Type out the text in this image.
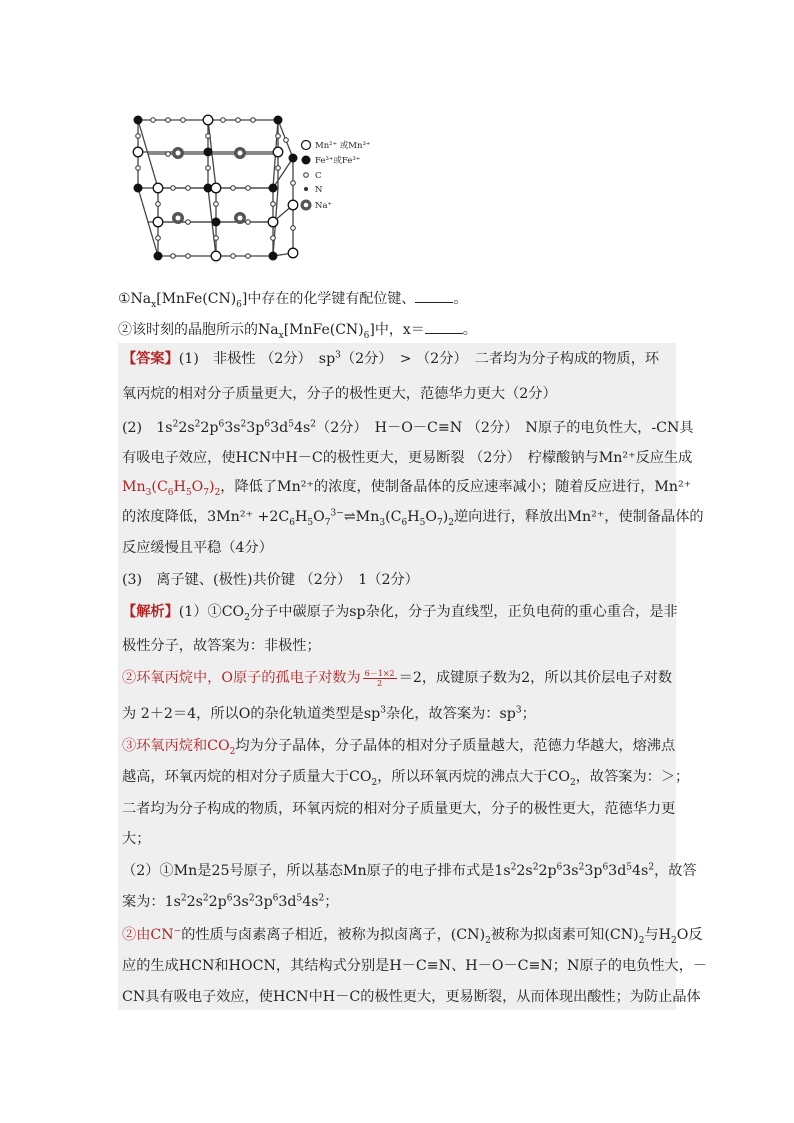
Mn²⁺ 或Mn³⁺
Fe³⁺或Fe³⁺
C
N
Na⁺
$①Na_x[MnFe(CN)_6]$中存在的化学键有配位键、	。
②该时刻的晶胞所示的$Na_x[MnFe(CN)_6]$中，x＝	。
【答案】(1)　非极性 （2分）　$sp^3(2$分）　> （2分）　二者均为分子构成的物质，环
氧丙烷的相对分子质量更大，分子的极性更大，范德华力更大（2分）
(2)　$1s^22s^22p^63s^23p^63d^54s^2(2$分）　H－O－C≡N （2分）　N原子的电负性大，-CN具
有吸电子效应，使HCN中H－C的极性更大，更易断裂 （2分）　柠檬酸钠与Mn²⁺反应生成
$Mn_3(C_6H_5O_7)_2$，降低了Mn²⁺的浓度，使制备晶体的反应速率减小；随着反应进行，Mn²⁺
的浓度降低，$3Mn^{2+} +2C_6H_5O_7^{3-}\rightleftharpoons Mn_3(C_6H_5O_7)_2$逆向进行，释放出Mn²⁺，使制备晶体的
反应缓慢且平稳（4分）
(3)　离子键、(极性)共价键 （2分）　1（2分）
【解析】$(1)①CO_2$分子中碳原子为sp杂化，分子为直线型，正负电荷的重心重合，是非
极性分子，故答案为：非极性；
②环氧丙烷中，O原子的孤电子对数为 $\frac{6-1\times 2}{2} =2$，成键原子数为2，所以其价层电子对数
为 2＋2＝4，所以O的杂化轨道类型是$sp^3$杂化，故答案为：$sp^3$；
③环氧丙烷和$CO_2$均为分子晶体，分子晶体的相对分子质量越大，范德力华越大，熔沸点
越高，环氧丙烷的相对分子质量大于$CO_2$，所以环氧丙烷的沸点大于$CO_2$，故答案为：＞；
二者均为分子构成的物质，环氧丙烷的相对分子质量更大，分子的极性更大，范德华力更
大；
（2）①Mn是25号原子，所以基态Mn原子的电子排布式是$1s^22s^22p^63s^23p^63d^54s^2$，故答
案为：$1s^22s^22p^63s^23p^63d^54s^2$；
②由CN−的性质与卤素离子相近，被称为拟卤离子，$(CN)_2$被称为拟卤素可知$(CN)_2$与$H_2O$反
应的生成HCN和HOCN，其结构式分别是H－C≡N、H－O－C≡N；N原子的电负性大，－
CN具有吸电子效应，使HCN中H－C的极性更大，更易断裂，从而体现出酸性；为防止晶体
